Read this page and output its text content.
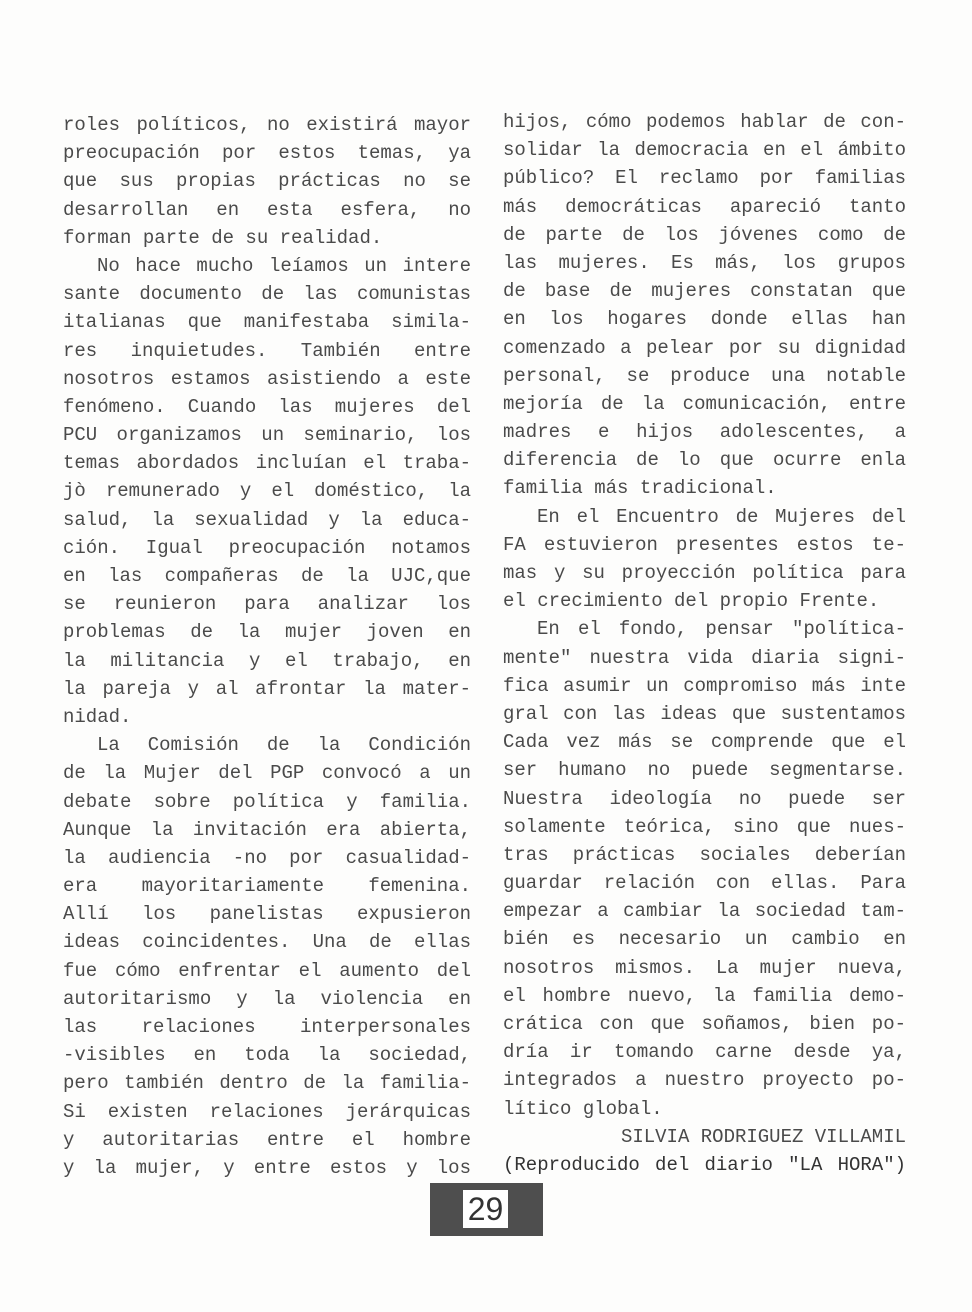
roles políticos, no existirá mayor
preocupación por estos temas, ya
que sus propias prácticas no se
desarrollan en esta esfera, no
forman parte de su realidad.
No hace mucho leíamos un intere
sante documento de las comunistas
italianas que manifestaba simila-
res inquietudes. También entre
nosotros estamos asistiendo a este
fenómeno. Cuando las mujeres del
PCU organizamos un seminario, los
temas abordados incluían el traba-
jò remunerado y el doméstico, la
salud, la sexualidad y la educa-
ción. Igual preocupación notamos
en las compañeras de la UJC,que
se reunieron para analizar los
problemas de la mujer joven en
la militancia y el trabajo, en
la pareja y al afrontar la mater-
nidad.
La Comisión de la Condición
de la Mujer del PGP convocó a un
debate sobre política y familia.
Aunque la invitación era abierta,
la audiencia -no por casualidad-
era mayoritariamente femenina.
Allí los panelistas expusieron
ideas coincidentes. Una de ellas
fue cómo enfrentar el aumento del
autoritarismo y la violencia en
las relaciones interpersonales
-visibles en toda la sociedad,
pero también dentro de la familia-
Si existen relaciones jerárquicas
y autoritarias entre el hombre
y la mujer, y entre estos y los
hijos, cómo podemos hablar de con-
solidar la democracia en el ámbito
público? El reclamo por familias
más democráticas apareció tanto
de parte de los jóvenes como de
las mujeres. Es más, los grupos
de base de mujeres constatan que
en los hogares donde ellas han
comenzado a pelear por su dignidad
personal, se produce una notable
mejoría de la comunicación, entre
madres e hijos adolescentes, a
diferencia de lo que ocurre enla
familia más tradicional.
En el Encuentro de Mujeres del
FA estuvieron presentes estos te-
mas y su proyección política para
el crecimiento del propio Frente.
En el fondo, pensar "política-
mente" nuestra vida diaria signi-
fica asumir un compromiso más inte
gral con las ideas que sustentamos
Cada vez más se comprende que el
ser humano no puede segmentarse.
Nuestra ideología no puede ser
solamente teórica, sino que nues-
tras prácticas sociales deberían
guardar relación con ellas. Para
empezar a cambiar la sociedad tam-
bién es necesario un cambio en
nosotros mismos. La mujer nueva,
el hombre nuevo, la familia demo-
crática con que soñamos, bien po-
dría ir tomando carne desde ya,
integrados a nuestro proyecto po-
lítico global.
SILVIA RODRIGUEZ VILLAMIL
(Reproducido del diario "LA HORA")
29
